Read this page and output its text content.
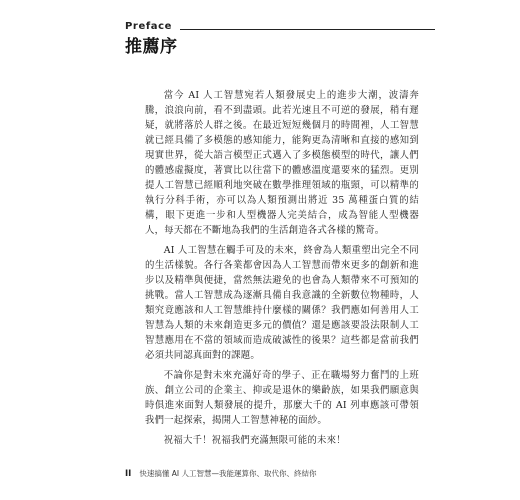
Preface
推薦序

當今 AI 人工智慧宛若人類發展史上的進步大潮，波濤奔騰，浪浪向前，看不到盡頭。此若光速且不可逆的發展，稍有遲疑，就將落於人群之後。在最近短短幾個月的時間裡，人工智慧就已經具備了多模態的感知能力，能夠更為清晰和直接的感知到現實世界，從大語言模型正式邁入了多模態模型的時代，讓人們的體感虛擬度，著實比以往當下的體感溫度還要來的猛烈。更別提人工智慧已經順利地突破在數學推理領域的瓶頸，可以精準的執行分科手術，亦可以為人類預測出將近 35 萬種蛋白質的結構，眼下更進一步和人型機器人完美結合，成為智能人型機器人，每天都在不斷地為我們的生活創造各式各樣的驚奇。

AI 人工智慧在觸手可及的未來，終會為人類重塑出完全不同的生活樣貌。各行各業都會因為人工智慧而帶來更多的創新和進步以及精準與便捷，當然無法避免的也會為人類帶來不可預知的挑戰。當人工智慧成為逐漸具備自我意識的全新數位物種時，人類究竟應該和人工智慧維持什麼樣的關係？我們應如何善用人工智慧為人類的未來創造更多元的價值？還是應該要設法限制人工智慧應用在不當的領域而造成破滅性的後果？這些都是當前我們必須共同認真面對的課題。

不論你是對未來充滿好奇的學子、正在職場努力奮鬥的上班族、創立公司的企業主、抑或是退休的樂齡族，如果我們願意與時俱進來面對人類發展的提升，那麼大千的 AI 列車應該可帶領我們一起探索，揭開人工智慧神秘的面紗。

祝福大千！祝福我們充滿無限可能的未來！

II 快速搞懂 AI 人工智慧—我能運算你、取代你、終結你
